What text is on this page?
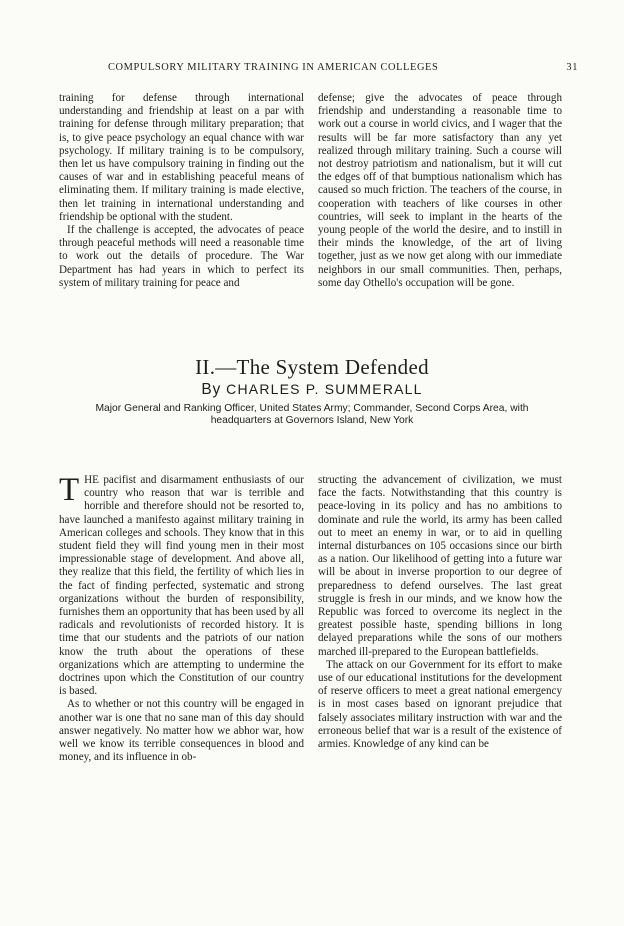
COMPULSORY MILITARY TRAINING IN AMERICAN COLLEGES	31

training for defense through international understanding and friendship at least on a par with training for defense through military preparation; that is, to give peace psychology an equal chance with war psychology. If military training is to be compulsory, then let us have compulsory training in finding out the causes of war and in establishing peaceful means of eliminating them. If military training is made elective, then let training in international understanding and friendship be optional with the student.

If the challenge is accepted, the advocates of peace through peaceful methods will need a reasonable time to work out the details of procedure. The War Department has had years in which to perfect its system of military training for peace and

defense; give the advocates of peace through friendship and understanding a reasonable time to work out a course in world civics, and I wager that the results will be far more satisfactory than any yet realized through military training. Such a course will not destroy patriotism and nationalism, but it will cut the edges off of that bumptious nationalism which has caused so much friction. The teachers of the course, in cooperation with teachers of like courses in other countries, will seek to implant in the hearts of the young people of the world the desire, and to instill in their minds the knowledge, of the art of living together, just as we now get along with our immediate neighbors in our small communities. Then, perhaps, some day Othello's occupation will be gone.

II.—The System Defended
By CHARLES P. SUMMERALL
Major General and Ranking Officer, United States Army; Commander, Second Corps Area, with headquarters at Governors Island, New York

T HE pacifist and disarmament enthusiasts of our country who reason that war is terrible and horrible and therefore should not be resorted to, have launched a manifesto against military training in American colleges and schools. They know that in this student field they will find young men in their most impressionable stage of development. And above all, they realize that this field, the fertility of which lies in the fact of finding perfected, systematic and strong organizations without the burden of responsibility, furnishes them an opportunity that has been used by all radicals and revolutionists of recorded history. It is time that our students and the patriots of our nation know the truth about the operations of these organizations which are attempting to undermine the doctrines upon which the Constitution of our country is based.

As to whether or not this country will be engaged in another war is one that no sane man of this day should answer negatively. No matter how we abhor war, how well we know its terrible consequences in blood and money, and its influence in ob-

structing the advancement of civilization, we must face the facts. Notwithstanding that this country is peace-loving in its policy and has no ambitions to dominate and rule the world, its army has been called out to meet an enemy in war, or to aid in quelling internal disturbances on 105 occasions since our birth as a nation. Our likelihood of getting into a future war will be about in inverse proportion to our degree of preparedness to defend ourselves. The last great struggle is fresh in our minds, and we know how the Republic was forced to overcome its neglect in the greatest possible haste, spending billions in long delayed preparations while the sons of our mothers marched ill-prepared to the European battlefields.

The attack on our Government for its effort to make use of our educational institutions for the development of reserve officers to meet a great national emergency is in most cases based on ignorant prejudice that falsely associates military instruction with war and the erroneous belief that war is a result of the existence of armies. Knowledge of any kind can be
